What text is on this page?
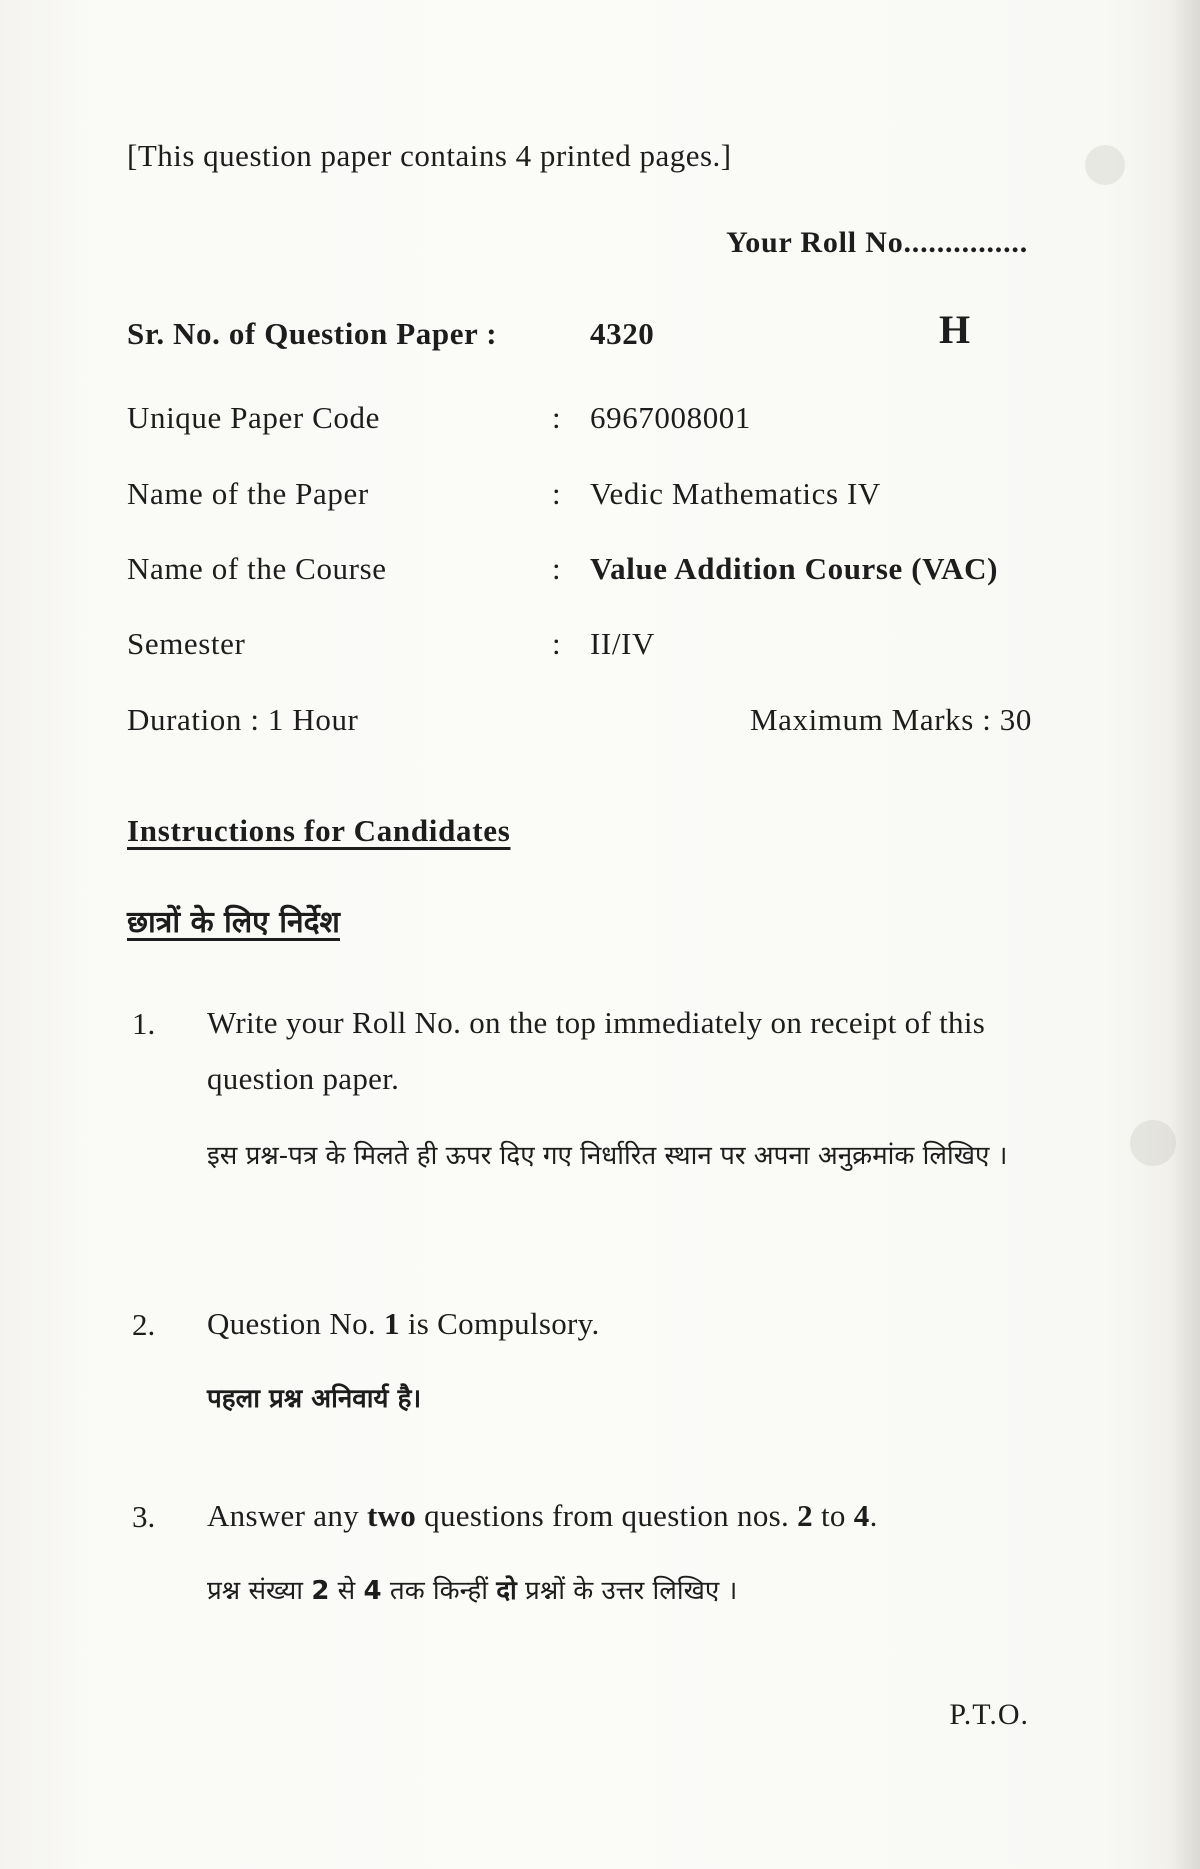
[This question paper contains 4 printed pages.]
Your Roll No...............
Sr. No. of Question Paper :	4320	H
Unique Paper Code	: 6967008001
Name of the Paper	: Vedic Mathematics IV
Name of the Course	: Value Addition Course (VAC)
Semester	: II/IV
Duration : 1 Hour	Maximum Marks : 30
Instructions for Candidates
छात्रों के लिए निर्देश
1. Write your Roll No. on the top immediately on receipt of this question paper.
इस प्रश्न-पत्र के मिलते ही ऊपर दिए गए निर्धारित स्थान पर अपना अनुक्रमांक लिखिए ।
2. Question No. 1 is Compulsory.
पहला प्रश्न अनिवार्य है।
3. Answer any two questions from question nos. 2 to 4.
प्रश्न संख्या 2 से 4 तक किन्हीं दो प्रश्नों के उत्तर लिखिए ।
P.T.O.
